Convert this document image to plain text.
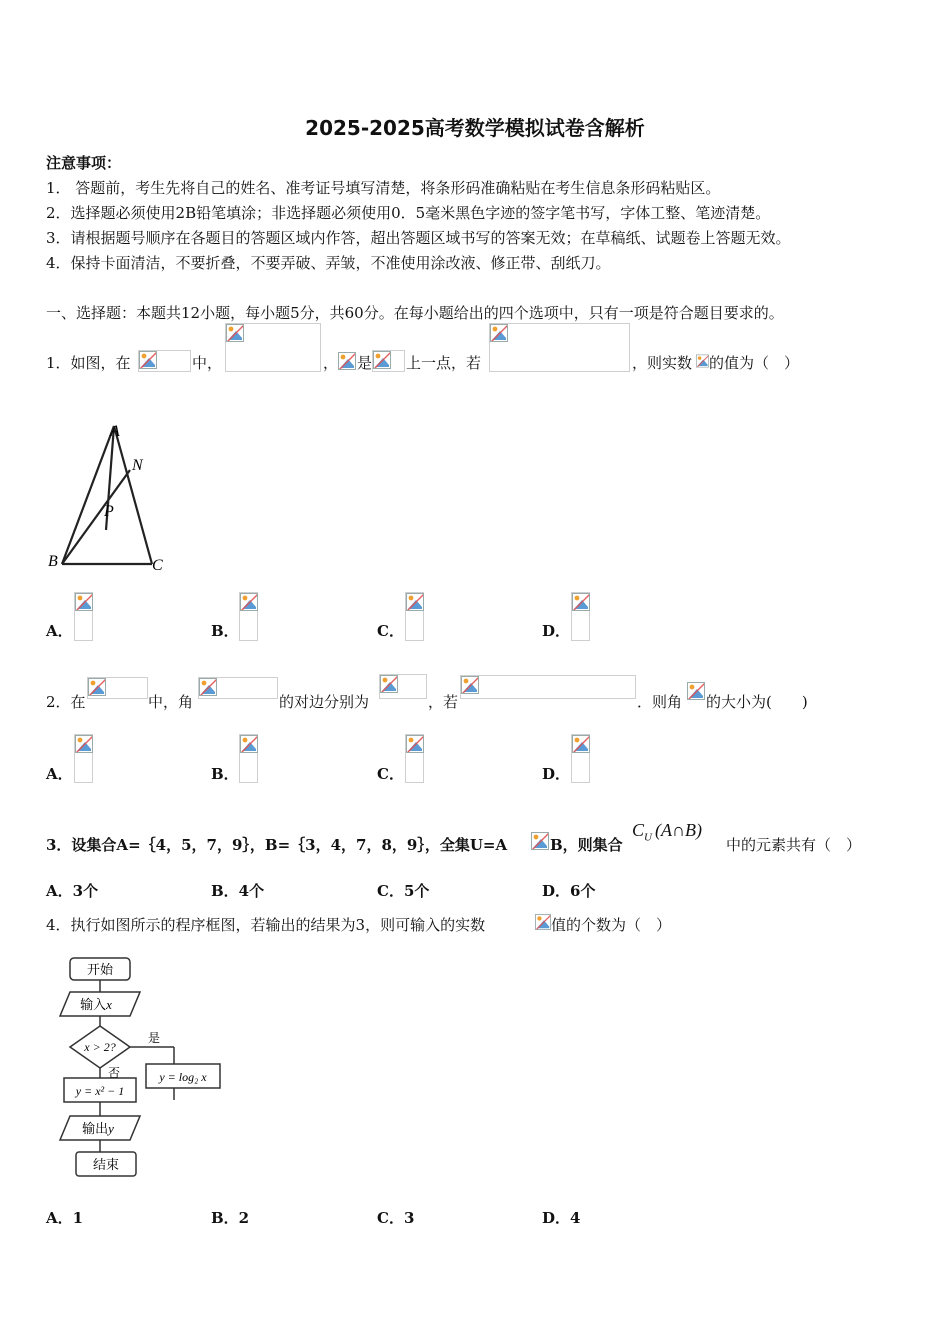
2025-2025高考数学模拟试卷含解析
注意事项：
1． 答题前，考生先将自己的姓名、准考证号填写清楚，将条形码准确粘贴在考生信息条形码粘贴区。
2．选择题必须使用2B铅笔填涂；非选择题必须使用0．5毫米黑色字迹的签字笔书写，字体工整、笔迹清楚。
3．请根据题号顺序在各题目的答题区域内作答，超出答题区域书写的答案无效；在草稿纸、试题卷上答题无效。
4．保持卡面清洁，不要折叠，不要弄破、弄皱，不准使用涂改液、修正带、刮纸刀。
一、选择题：本题共12小题，每小题5分，共60分。在每小题给出的四个选项中，只有一项是符合题目要求的。
1．如图，在	中，	， 是 上一点，若	，则实数 的值为（　）
A
N
P
B	C
A．	B．	C．	D．
2．在	中，角	的对边分别为	，若	．则角 的大小为(　　)
A．	B．	C．	D．
3．设集合A=｛4，5，7，9｝，B=｛3，4，7，8，9｝，全集U=A	B，则集合
$C_U$ (A∩B)
中的元素共有（　）
A．3个	B．4个	C．5个	D．6个
4．执行如图所示的程序框图，若输出的结果为3，则可输入的实数	值的个数为（　）
开始
输入x
x > 2?
是
否	y = log₂ x
y = x² − 1
输出y
结束
A．1	B．2	C．3	D．4
